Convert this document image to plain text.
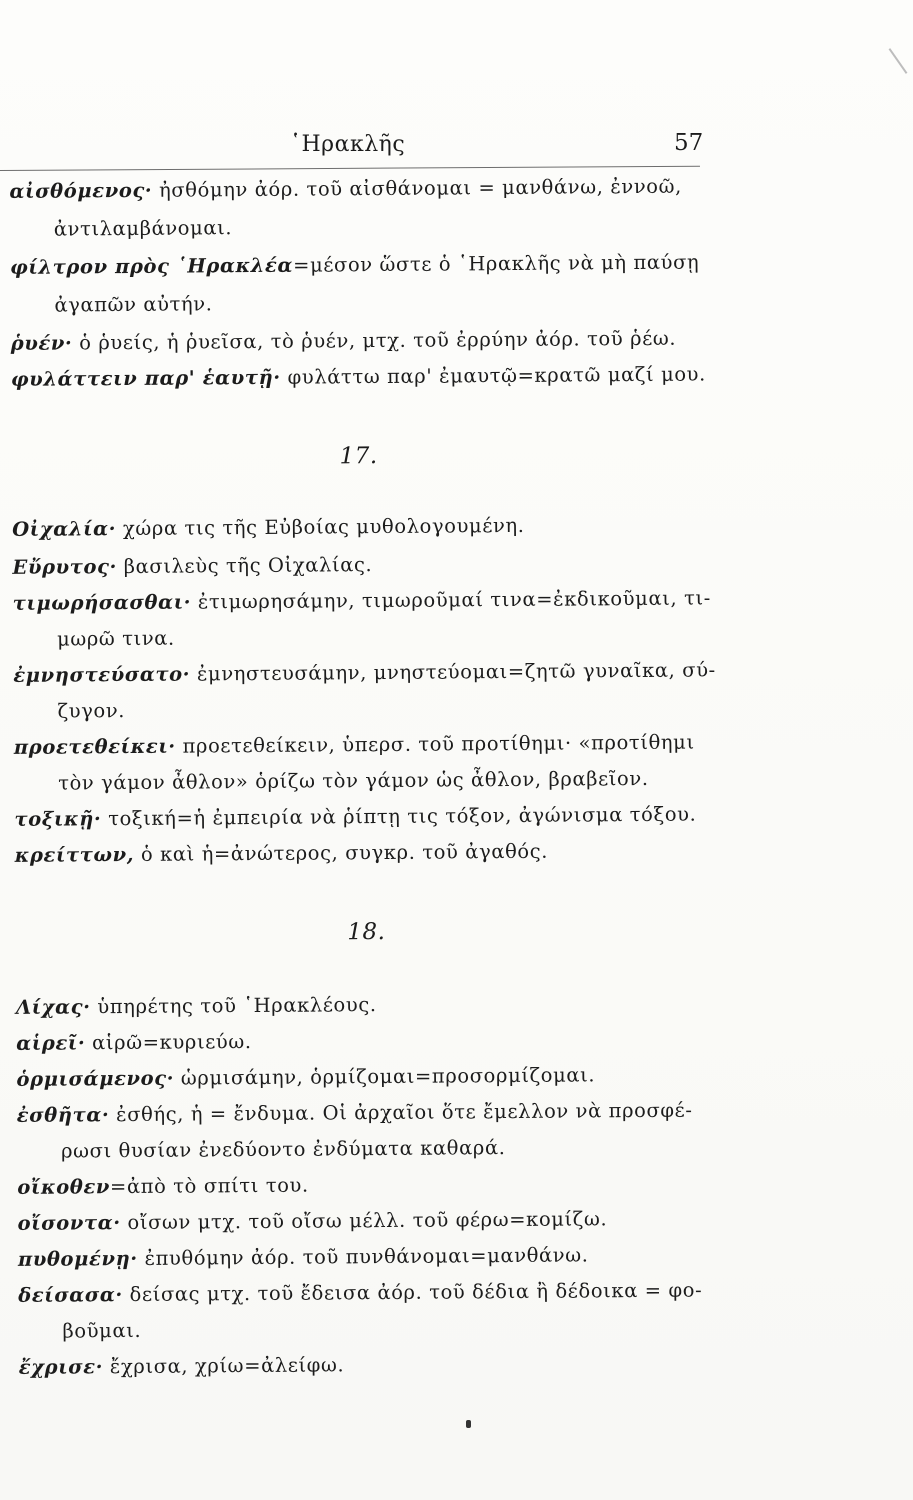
῾Ηρακλῆς	57
αἰσθόμενος· ἠσθόμην ἀόρ. τοῦ αἰσθάνομαι = μανθάνω, ἐννοῶ,
ἀντιλαμβάνομαι.
φίλτρον πρὸς ῾Ηρακλέα=μέσον ὥστε ὁ ῾Ηρακλῆς νὰ μὴ παύσῃ
ἀγαπῶν αὐτήν.
ῥυέν· ὁ ῥυείς, ἡ ῥυεῖσα, τὸ ῥυέν, μτχ. τοῦ ἐρρύην ἀόρ. τοῦ ῥέω.
φυλάττειν παρ' ἑαυτῇ· φυλάττω παρ' ἐμαυτῷ=κρατῶ μαζί μου.
17.
Οἰχαλία· χώρα τις τῆς Εὐβοίας μυθολογουμένη.
Εὔρυτος· βασιλεὺς τῆς Οἰχαλίας.
τιμωρήσασθαι· ἐτιμωρησάμην, τιμωροῦμαί τινα=ἐκδικοῦμαι, τι-
μωρῶ τινα.
ἐμνηστεύσατο· ἐμνηστευσάμην, μνηστεύομαι=ζητῶ γυναῖκα, σύ-
ζυγον.
προετεθείκει· προετεθείκειν, ὑπερσ. τοῦ προτίθημι· «προτίθημι
τὸν γάμον ἆθλον» ὁρίζω τὸν γάμον ὡς ἆθλον, βραβεῖον.
τοξικῇ· τοξική=ἡ ἐμπειρία νὰ ῥίπτῃ τις τόξον, ἀγώνισμα τόξου.
κρείττων, ὁ καὶ ἡ=ἀνώτερος, συγκρ. τοῦ ἀγαθός.
18.
Λίχας· ὑπηρέτης τοῦ ῾Ηρακλέους.
αἱρεῖ· αἱρῶ=κυριεύω.
ὁρμισάμενος· ὡρμισάμην, ὁρμίζομαι=προσορμίζομαι.
ἐσθῆτα· ἐσθής, ἡ = ἔνδυμα. Οἱ ἀρχαῖοι ὅτε ἔμελλον νὰ προσφέ-
ρωσι θυσίαν ἐνεδύοντο ἐνδύματα καθαρά.
οἴκοθεν=ἀπὸ τὸ σπίτι του.
οἴσοντα· οἴσων μτχ. τοῦ οἴσω μέλλ. τοῦ φέρω=κομίζω.
πυθομένῃ· ἐπυθόμην ἀόρ. τοῦ πυνθάνομαι=μανθάνω.
δείσασα· δείσας μτχ. τοῦ ἔδεισα ἀόρ. τοῦ δέδια ἢ δέδοικα = φο-
βοῦμαι.
ἔχρισε· ἔχρισα, χρίω=ἀλείφω.
